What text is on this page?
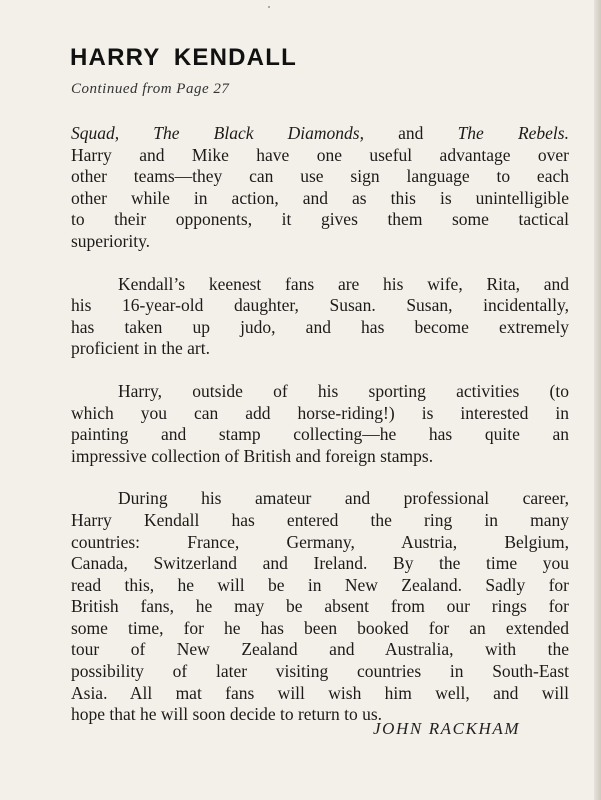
HARRY KENDALL
Continued from Page 27

Squad, The Black Diamonds, and The Rebels.
Harry and Mike have one useful advantage over
other teams—they can use sign language to each
other while in action, and as this is unintelligible
to their opponents, it gives them some tactical
superiority.

Kendall’s keenest fans are his wife, Rita, and
his 16-year-old daughter, Susan. Susan, incidentally,
has taken up judo, and has become extremely
proficient in the art.

Harry, outside of his sporting activities (to
which you can add horse-riding!) is interested in
painting and stamp collecting—he has quite an
impressive collection of British and foreign stamps.

During his amateur and professional career,
Harry Kendall has entered the ring in many
countries: France, Germany, Austria, Belgium,
Canada, Switzerland and Ireland. By the time you
read this, he will be in New Zealand. Sadly for
British fans, he may be absent from our rings for
some time, for he has been booked for an extended
tour of New Zealand and Australia, with the
possibility of later visiting countries in South-East
Asia. All mat fans will wish him well, and will
hope that he will soon decide to return to us.

JOHN RACKHAM
